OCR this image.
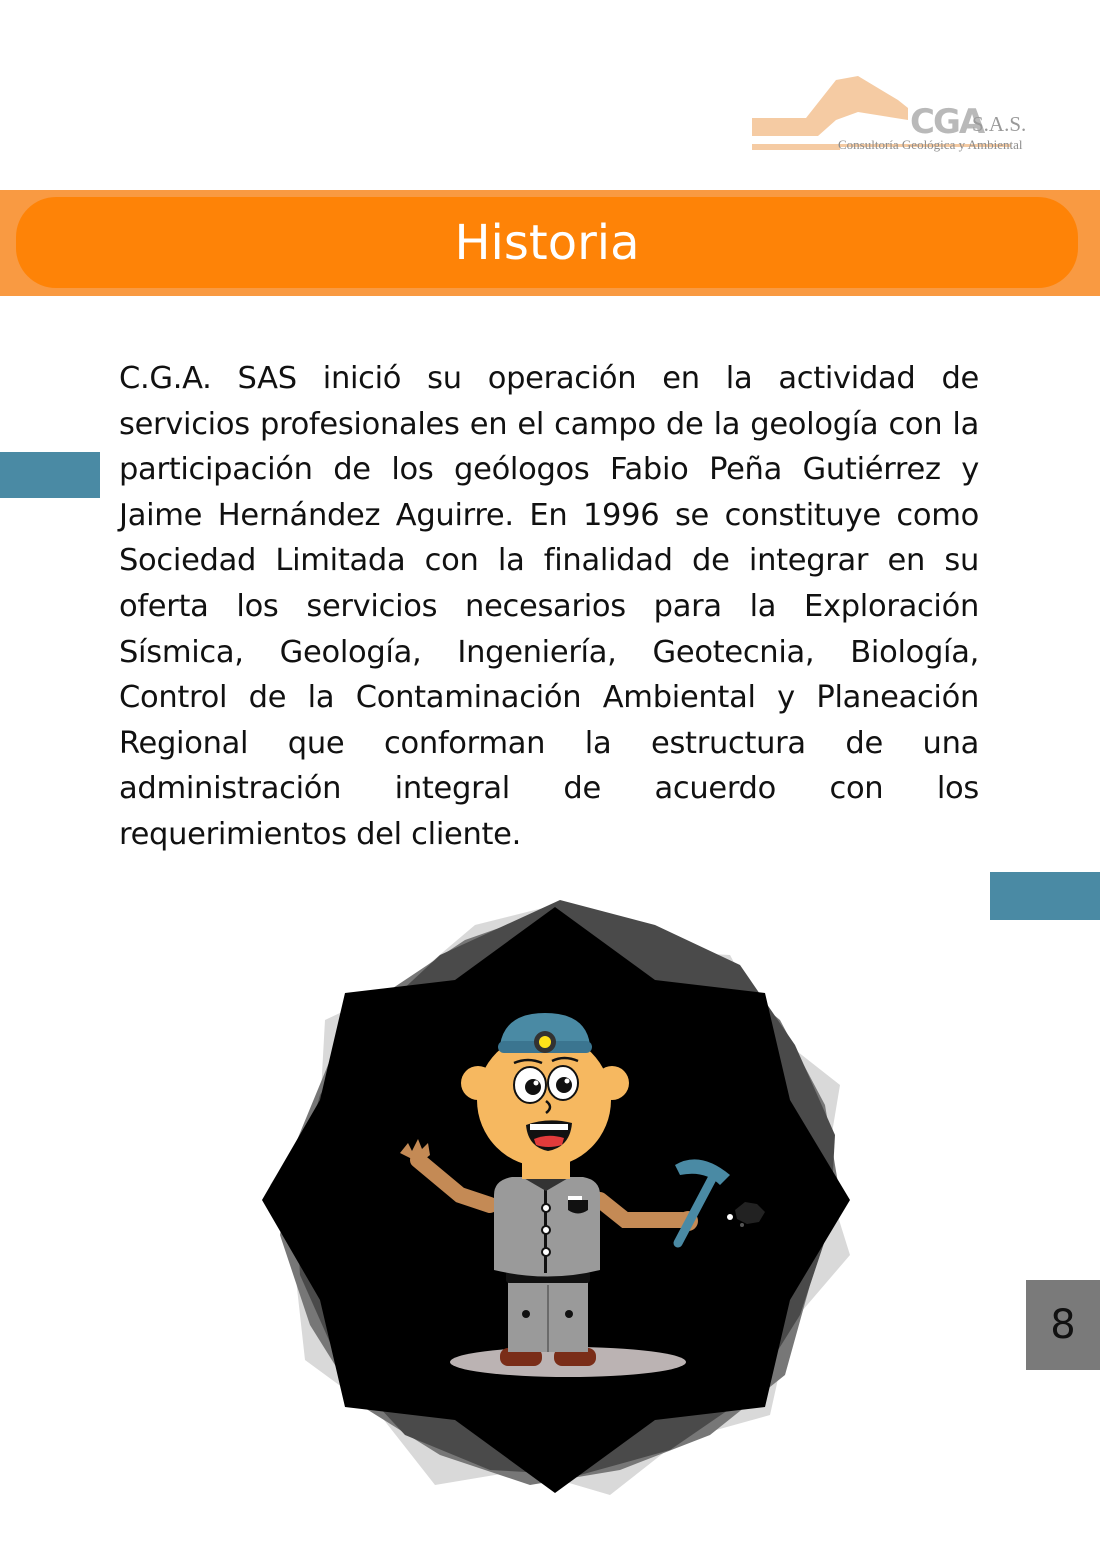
CGA
S.A.S.
Consultoría Geológica y Ambiental
Historia
C.G.A. SAS inició su operación en la actividad de servicios profesionales en el campo de la geología con la participación de los geólogos Fabio Peña Gutiérrez y Jaime Hernández Aguirre. En 1996 se constituye como Sociedad Limitada con la finalidad de integrar en su oferta los servicios necesarios para la Exploración Sísmica, Geología, Ingeniería, Geotecnia, Biología, Control de la Contaminación Ambiental y Planeación Regional que conforman la estructura de una administración integral de acuerdo con los requerimientos del cliente.
8
